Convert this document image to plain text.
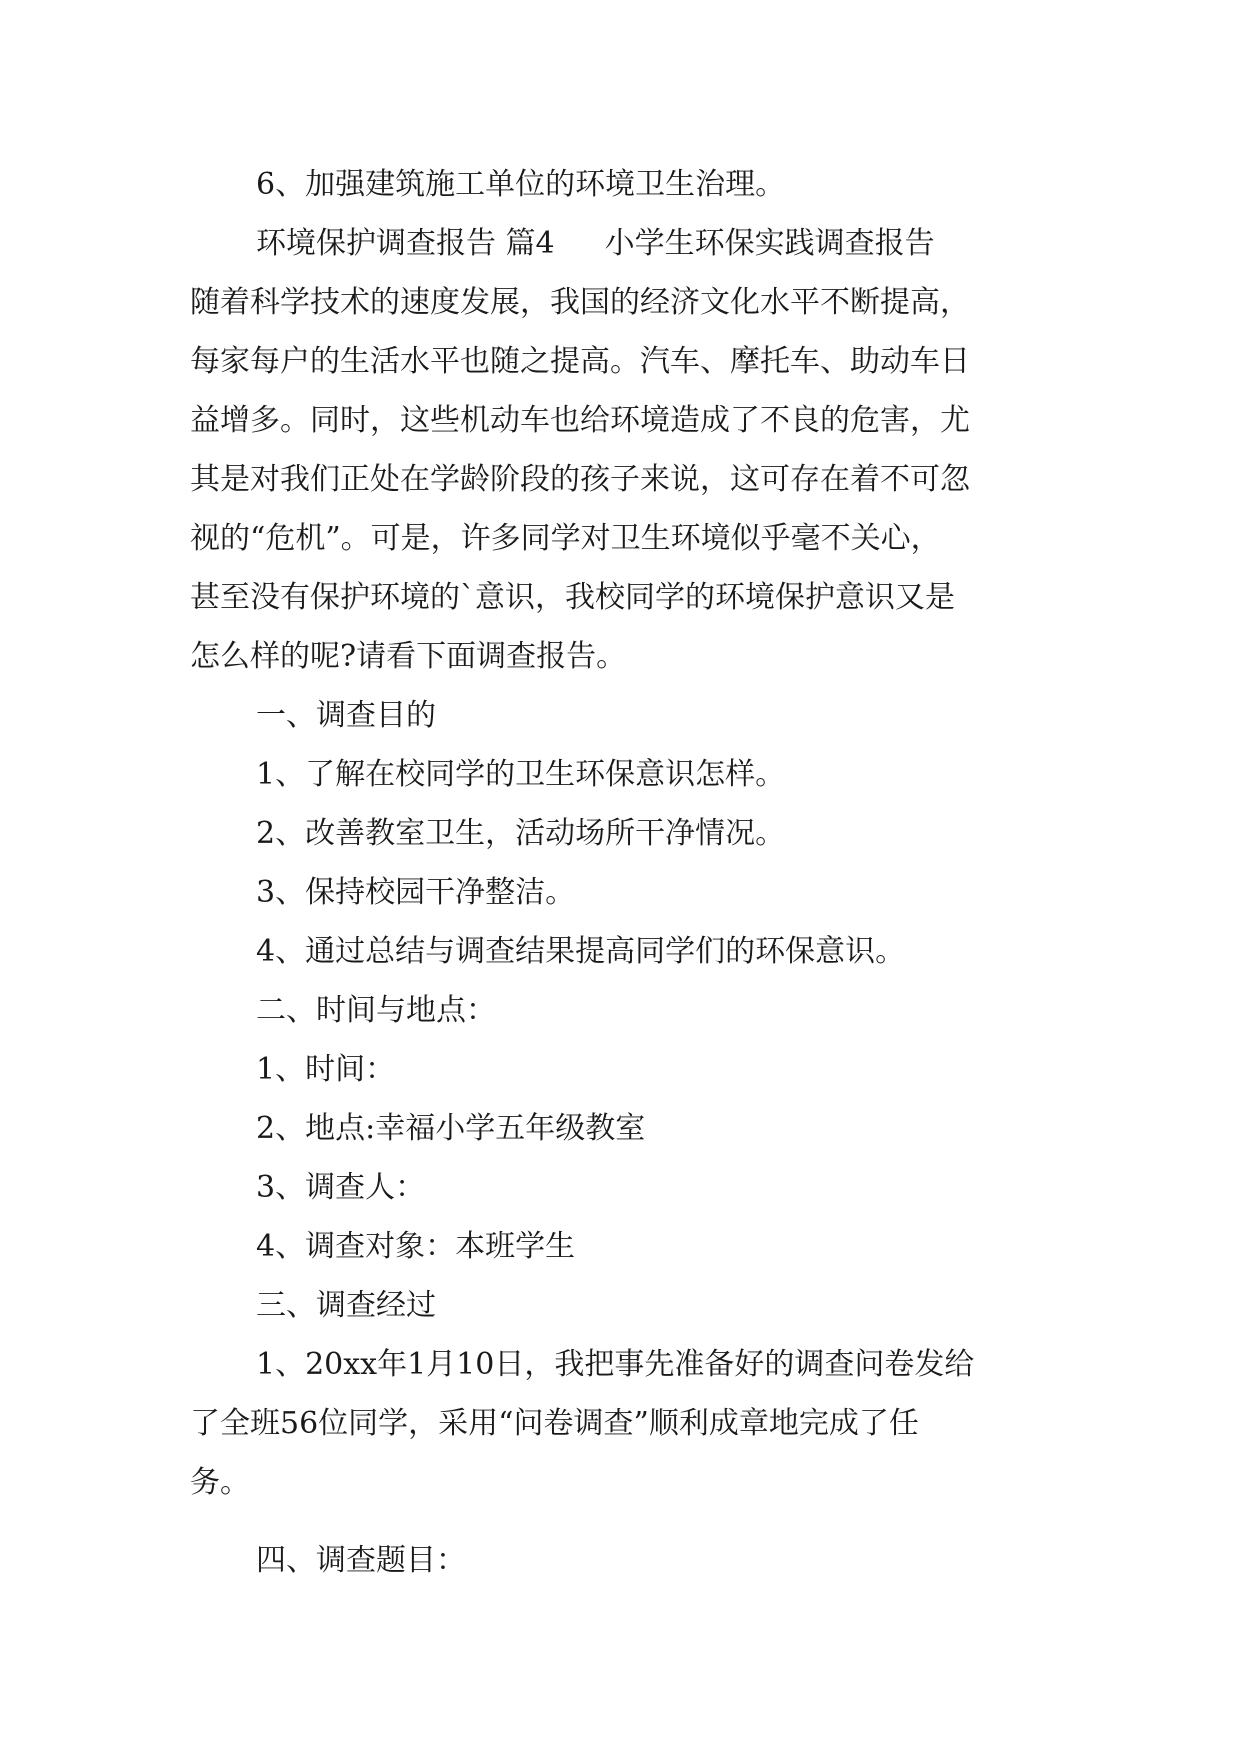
6、加强建筑施工单位的环境卫生治理。

环境保护调查报告 篇4 小学生环保实践调查报告

随着科学技术的速度发展，我国的经济文化水平不断提高，

每家每户的生活水平也随之提高。汽车、摩托车、助动车日

益增多。同时，这些机动车也给环境造成了不良的危害，尤

其是对我们正处在学龄阶段的孩子来说，这可存在着不可忽

视的“危机”。可是，许多同学对卫生环境似乎毫不关心，

甚至没有保护环境的`意识，我校同学的环境保护意识又是

怎么样的呢?请看下面调查报告。

一、调查目的

1、了解在校同学的卫生环保意识怎样。

2、改善教室卫生，活动场所干净情况。

3、保持校园干净整洁。

4、通过总结与调查结果提高同学们的环保意识。

二、时间与地点：

1、时间：

2、地点:幸福小学五年级教室

3、调查人：

4、调查对象：本班学生

三、调查经过

1、20xx年1月10日，我把事先准备好的调查问卷发给

了全班56位同学，采用“问卷调查”顺利成章地完成了任

务。

四、调查题目：
